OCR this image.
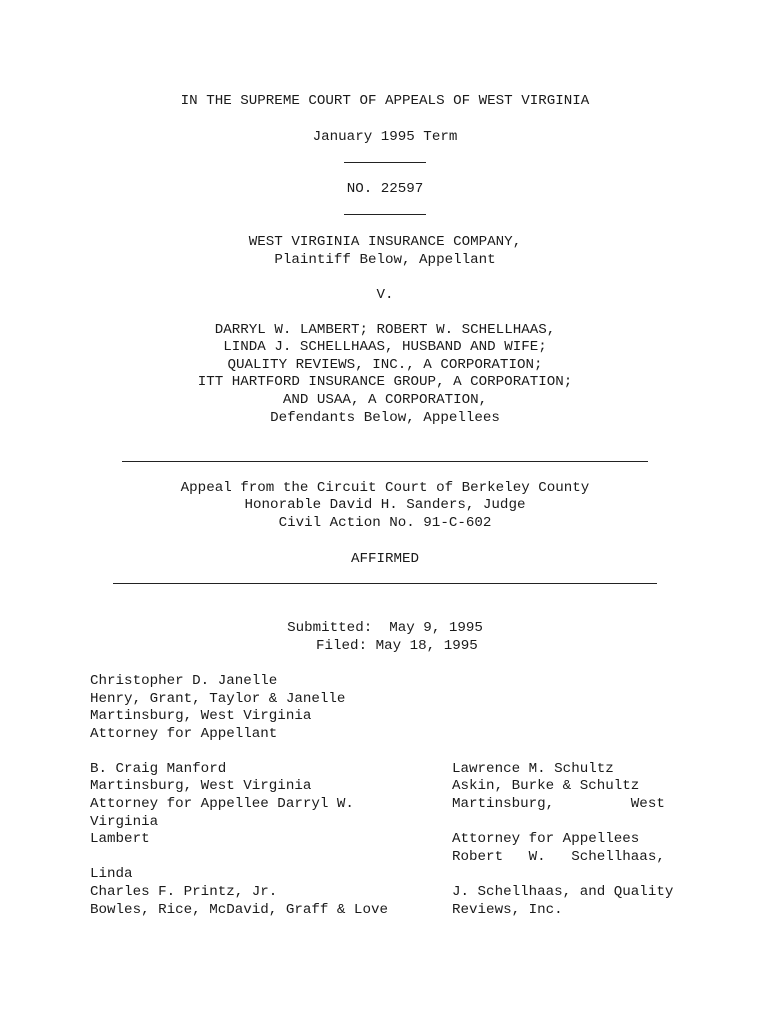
IN THE SUPREME COURT OF APPEALS OF WEST VIRGINIA
January 1995 Term
NO. 22597
WEST VIRGINIA INSURANCE COMPANY,
Plaintiff Below, Appellant
V.
DARRYL W. LAMBERT; ROBERT W. SCHELLHAAS,
LINDA J. SCHELLHAAS, HUSBAND AND WIFE;
QUALITY REVIEWS, INC., A CORPORATION;
ITT HARTFORD INSURANCE GROUP, A CORPORATION;
AND USAA, A CORPORATION,
Defendants Below, Appellees
Appeal from the Circuit Court of Berkeley County
Honorable David H. Sanders, Judge
Civil Action No. 91-C-602
AFFIRMED
Submitted:  May 9, 1995
Filed: May 18, 1995
Christopher D. Janelle
Henry, Grant, Taylor & Janelle
Martinsburg, West Virginia
Attorney for Appellant
B. Craig Manford
Martinsburg, West Virginia
Attorney for Appellee Darryl W.
Virginia
Lambert
Lawrence M. Schultz
Askin, Burke & Schultz
Martinsburg,         West
Attorney for Appellees
Robert   W.   Schellhaas,
Linda
Charles F. Printz, Jr.
Bowles, Rice, McDavid, Graff & Love
J. Schellhaas, and Quality
Reviews, Inc.
